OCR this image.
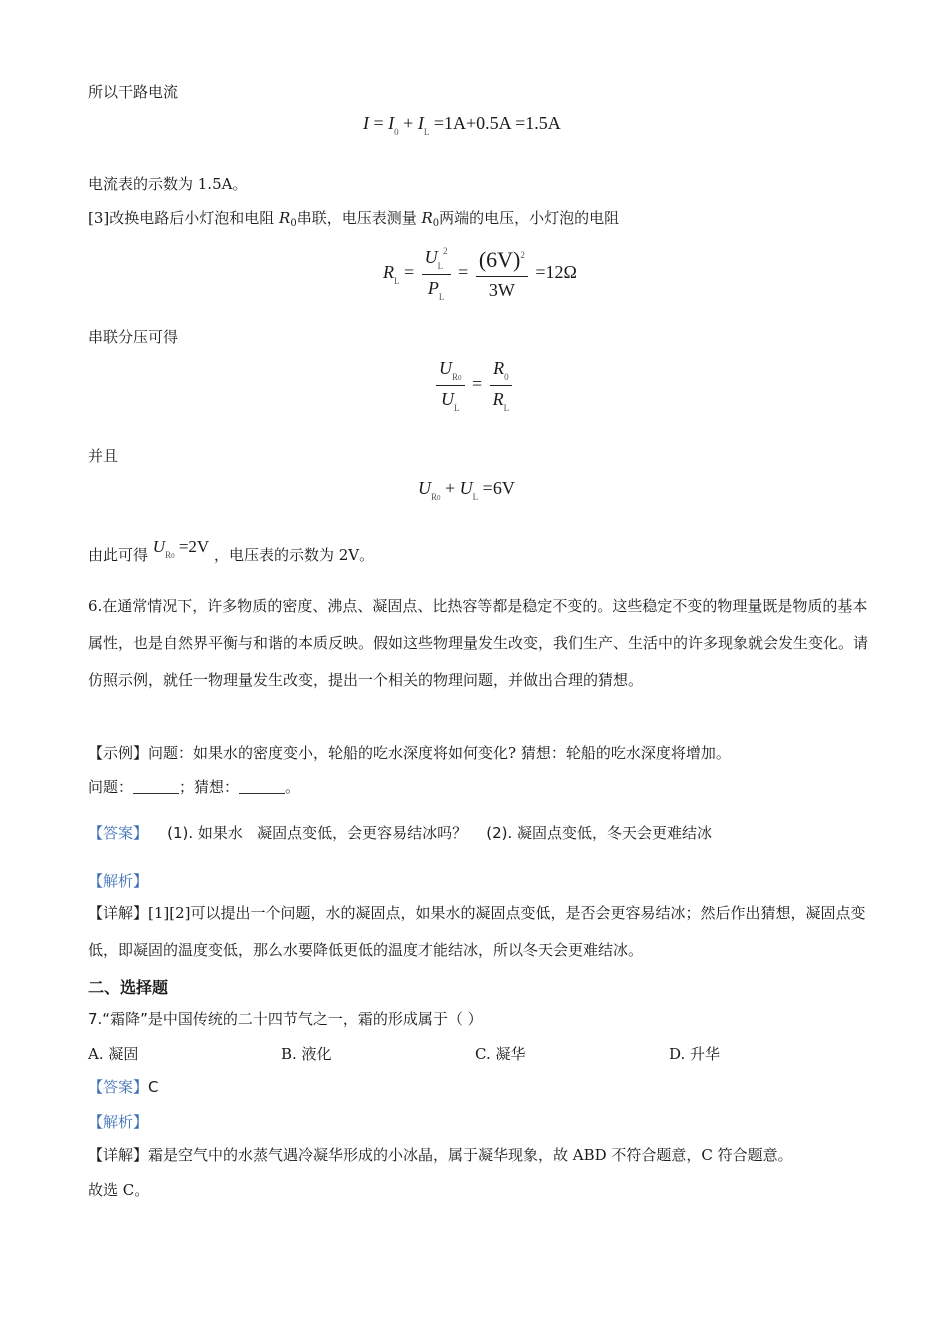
所以干路电流
$I = I_0 + I_L =1A+0.5A =1.5A$
电流表的示数为 1.5A。
[3]改换电路后小灯泡和电阻 $R_0$串联，电压表测量 $R_0$两端的电压，小灯泡的电阻
$R_L = \frac{U_L^2}{P_L} = \frac{(6V)^2}{3W} =12\Omega$
串联分压可得
$\frac{U_{R0}}{U_L} = \frac{R_0}{R_L}$
并且
$U_{R0} + U_L =6V$
由此可得 $U_{R0} =2V$ ，电压表的示数为 2V。
6.在通常情况下，许多物质的密度、沸点、凝固点、比热容等都是稳定不变的。这些稳定不变的物理量既是物质的基本属性，也是自然界平衡与和谐的本质反映。假如这些物理量发生改变，我们生产、生活中的许多现象就会发生变化。请仿照示例，就任一物理量发生改变，提出一个相关的物理问题，并做出合理的猜想。
【示例】问题：如果水的密度变小，轮船的吃水深度将如何变化? 猜想：轮船的吃水深度将增加。
问题：	；猜想：	。
【答案】    (1). 如果水   凝固点变低，会更容易结冰吗？    (2). 凝固点变低，冬天会更难结冰
【解析】
【详解】[1][2]可以提出一个问题，水的凝固点，如果水的凝固点变低，是否会更容易结冰；然后作出猜想，凝固点变低，即凝固的温度变低，那么水要降低更低的温度才能结冰，所以冬天会更难结冰。
二、选择题
7.“霜降”是中国传统的二十四节气之一，霜的形成属于（ ）
A. 凝固	B. 液化	C. 凝华	D. 升华
【答案】C
【解析】
【详解】霜是空气中的水蒸气遇冷凝华形成的小冰晶，属于凝华现象，故 ABD 不符合题意，C 符合题意。
故选 C。
